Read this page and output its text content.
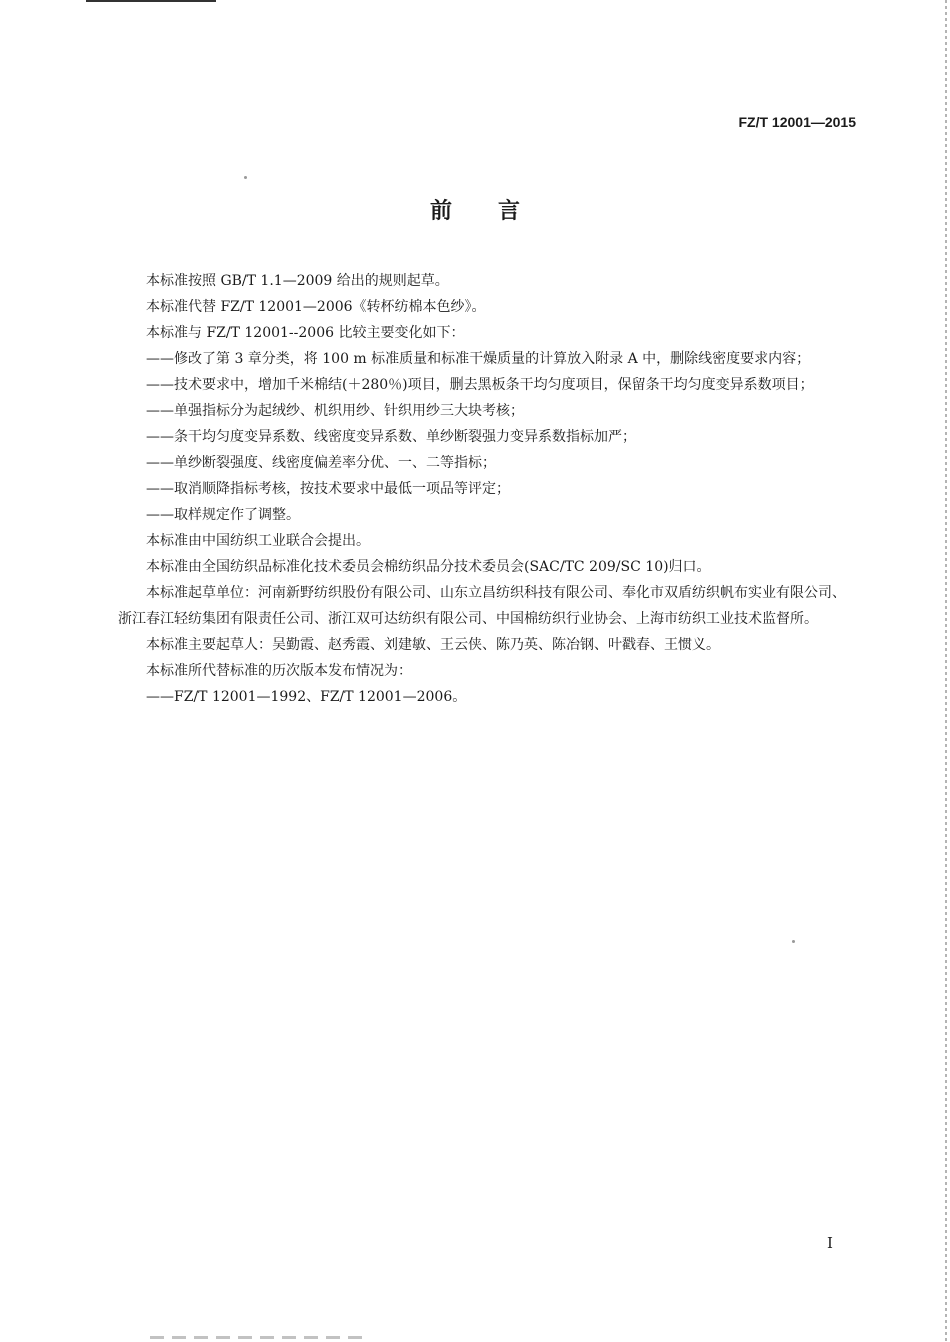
FZ/T 12001—2015
前言

本标准按照 GB/T 1.1—2009 给出的规则起草。

本标准代替 FZ/T 12001—2006《转杯纺棉本色纱》。

本标准与 FZ/T 12001--2006 比较主要变化如下：

——修改了第 3 章分类，将 100 m 标准质量和标准干燥质量的计算放入附录 A 中，删除线密度要求内容；

——技术要求中，增加千米棉结(＋280％)项目，删去黑板条干均匀度项目，保留条干均匀度变异系数项目；

——单强指标分为起绒纱、机织用纱、针织用纱三大块考核；

——条干均匀度变异系数、线密度变异系数、单纱断裂强力变异系数指标加严；

——单纱断裂强度、线密度偏差率分优、一、二等指标；

——取消顺降指标考核，按技术要求中最低一项品等评定；

——取样规定作了调整。

本标准由中国纺织工业联合会提出。

本标准由全国纺织品标准化技术委员会棉纺织品分技术委员会(SAC/TC 209/SC 10)归口。

本标准起草单位：河南新野纺织股份有限公司、山东立昌纺织科技有限公司、奉化市双盾纺织帆布实业有限公司、浙江春江轻纺集团有限责任公司、浙江双可达纺织有限公司、中国棉纺织行业协会、上海市纺织工业技术监督所。

本标准主要起草人：吴勤霞、赵秀霞、刘建敏、王云侠、陈乃英、陈冶钢、叶戳春、王惯义。

本标准所代替标准的历次版本发布情况为：

——FZ/T 12001—1992、FZ/T 12001—2006。

I
